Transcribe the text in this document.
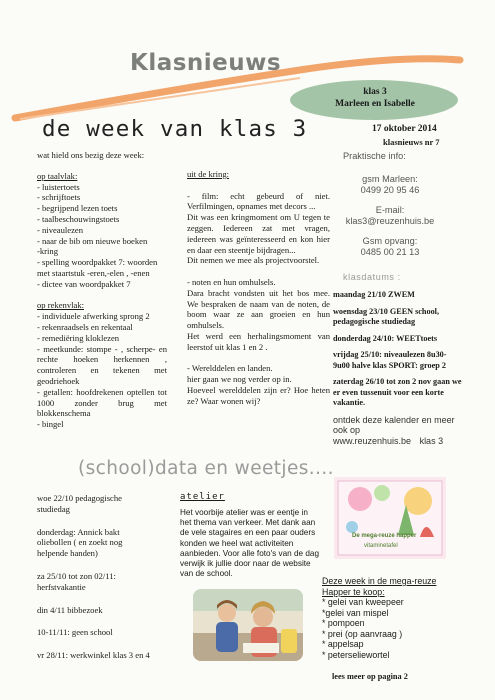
Klasnieuws
klas 3
Marleen en Isabelle
de week van klas 3	17 oktober 2014
klasnieuws nr 7
wat hield ons bezig deze week:
op taalvlak:
- luistertoets
- schrijftoets
- begrijpend lezen toets
- taalbeschouwingstoets
- niveaulezen
- naar de bib om nieuwe boeken
-kring
- spelling woordpakket 7: woorden met staartstuk -eren,-elen , -enen
- dictee van woordpakket 7
op rekenvlak:
- individuele afwerking sprong 2
- rekenraadsels en rekentaal
- remediëring kloklezen
- meetkunde: stompe - , scherpe- en rechte hoeken herkennen , controleren en tekenen met geodriehoek
- getallen: hoofdrekenen optellen tot 1000 zonder brug met blokkenschema
- bingel
uit de kring:
- film: echt gebeurd of niet. Verfilmingen, opnames met decors ...
Dit was een kringmoment om U tegen te zeggen. Iedereen zat met vragen, iedereen was geïnteresseerd en kon hier en daar een steentje bijdragen...
Dit nemen we mee als projectvoorstel.
- noten en hun omhulsels.
Dara bracht vondsten uit het bos mee. We bespraken de naam van de noten, de boom waar ze aan groeien en hun omhulsels.
Het werd een herhalingsmoment van leerstof uit klas 1 en 2 .
- Werelddelen en landen.
hier gaan we nog verder op in.
Hoeveel werelddelen zijn er? Hoe heten ze? Waar wonen wij?
Praktische info:
gsm Marleen:
0499 20 95 46
E-mail:
klas3@reuzenhuis.be
Gsm opvang:
0485 00 21 13
klasdatums :
maandag 21/10 ZWEM
woensdag 23/10 GEEN school, pedagogische studiedag
donderdag 24/10: WEETtoets
vrijdag 25/10: niveaulezen 8u30-9u00 halve klas SPORT: groep 2
zaterdag 26/10 tot zon 2 nov gaan we er even tussenuit voor een korte vakantie.
ontdek deze kalender en meer ook op
www.reuzenhuis.be klas 3
(school)data en weetjes....
woe 22/10 pedagogische studiedag
donderdag: Annick bakt oliebollen ( en zoekt nog helpende handen)
za 25/10 tot zon 02/11: herfstvakantie
din 4/11 bibbezoek
10-11/11: geen school
vr 28/11: werkwinkel klas 3 en 4
atelier
Het voorbije atelier was er eentje in het thema van verkeer. Met dank aan de vele stagaires en een paar ouders konden we heel wat activiteiten aanbieden. Voor alle foto's van de dag verwijk ik jullie door naar de website van de school.
De mega-reuze happer
vitaminetafel
Deze week in de mega-reuze Happer te koop:
* gelei van kweepeer
*gelei van mispel
* pompoen
* prei (op aanvraag )
* appelsap
* peterseliewortel
lees meer op pagina 2
